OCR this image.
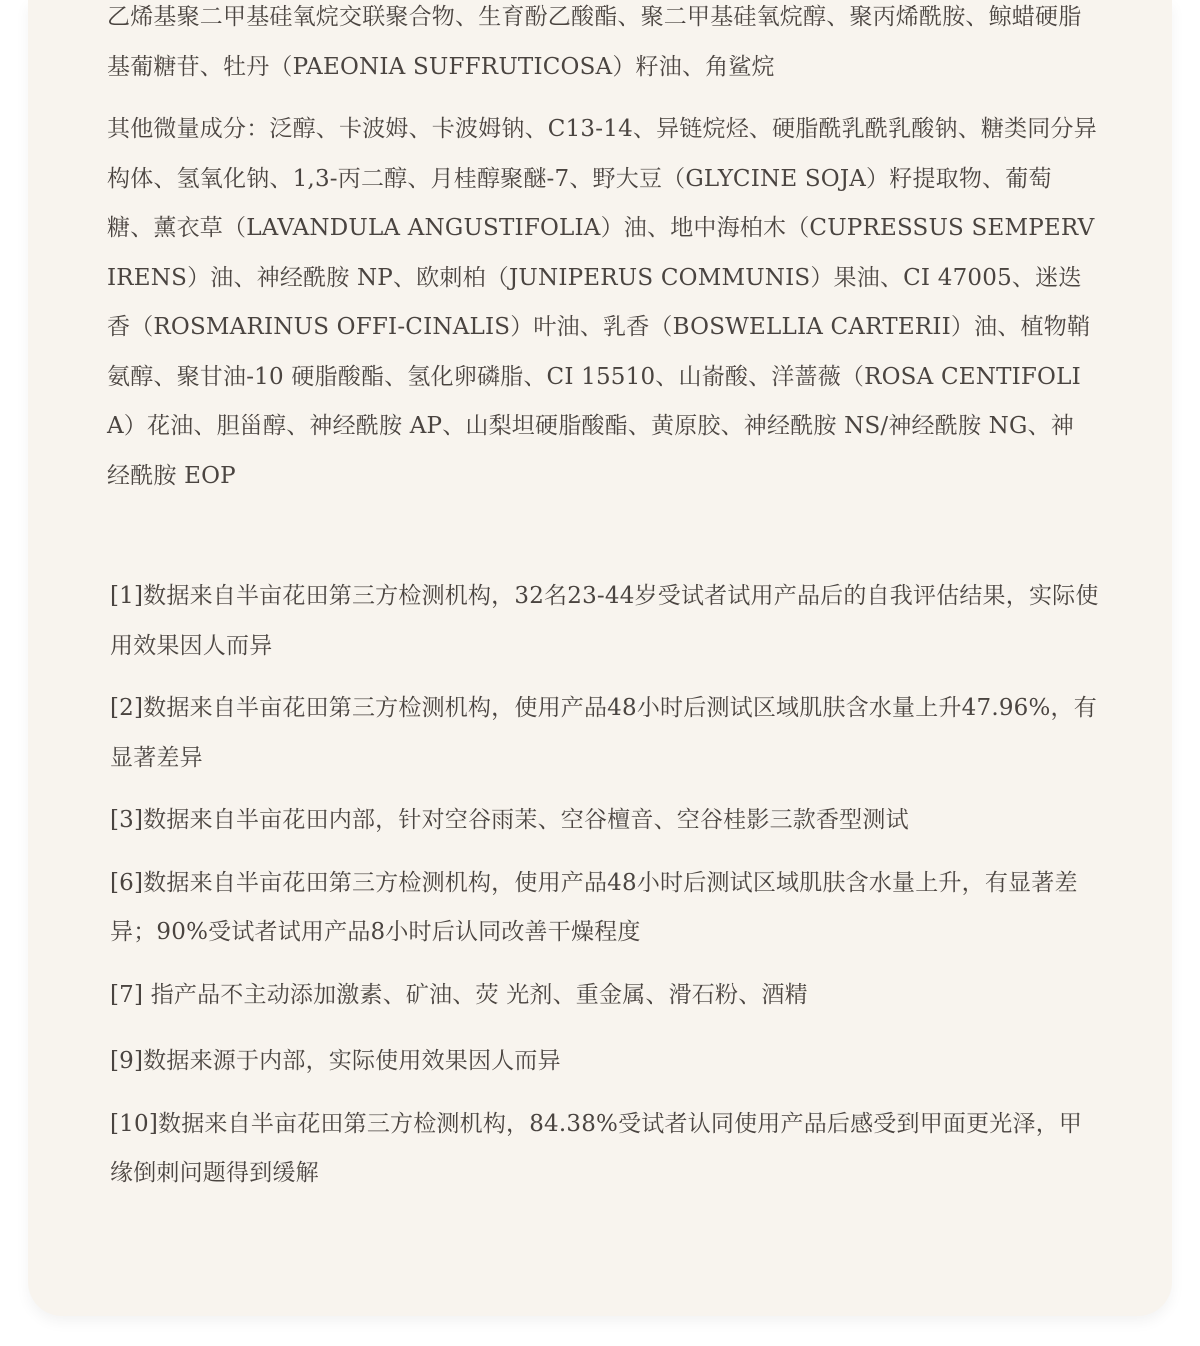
乙烯基聚二甲基硅氧烷交联聚合物、生育酚乙酸酯、聚二甲基硅氧烷醇、聚丙烯酰胺、鲸蜡硬脂基葡糖苷、牡丹（PAEONIA SUFFRUTICOSA）籽油、角鲨烷

其他微量成分：泛醇、卡波姆、卡波姆钠、C13-14、异链烷烃、硬脂酰乳酰乳酸钠、糖类同分异构体、氢氧化钠、1,3-丙二醇、月桂醇聚醚-7、野大豆（GLYCINE SOJA）籽提取物、葡萄糖、薰衣草（LAVANDULA ANGUSTIFOLIA）油、地中海柏木（CUPRESSUS SEMPERVIRENS）油、神经酰胺 NP、欧刺柏（JUNIPERUS COMMUNIS）果油、CI 47005、迷迭香（ROSMARINUS OFFI-CINALIS）叶油、乳香（BOSWELLIA CARTERII）油、植物鞘氨醇、聚甘油-10 硬脂酸酯、氢化卵磷脂、CI 15510、山嵛酸、洋蔷薇（ROSA CENTIFOLIA）花油、胆甾醇、神经酰胺 AP、山梨坦硬脂酸酯、黄原胶、神经酰胺 NS/神经酰胺 NG、神经酰胺 EOP

[1]数据来自半亩花田第三方检测机构，32名23-44岁受试者试用产品后的自我评估结果，实际使用效果因人而异

[2]数据来自半亩花田第三方检测机构，使用产品48小时后测试区域肌肤含水量上升47.96%，有显著差异

[3]数据来自半亩花田内部，针对空谷雨茉、空谷檀音、空谷桂影三款香型测试

[6]数据来自半亩花田第三方检测机构，使用产品48小时后测试区域肌肤含水量上升，有显著差异；90%受试者试用产品8小时后认同改善干燥程度

[7] 指产品不主动添加激素、矿油、荧 光剂、重金属、滑石粉、酒精

[9]数据来源于内部，实际使用效果因人而异

[10]数据来自半亩花田第三方检测机构，84.38%受试者认同使用产品后感受到甲面更光泽，甲缘倒刺问题得到缓解
